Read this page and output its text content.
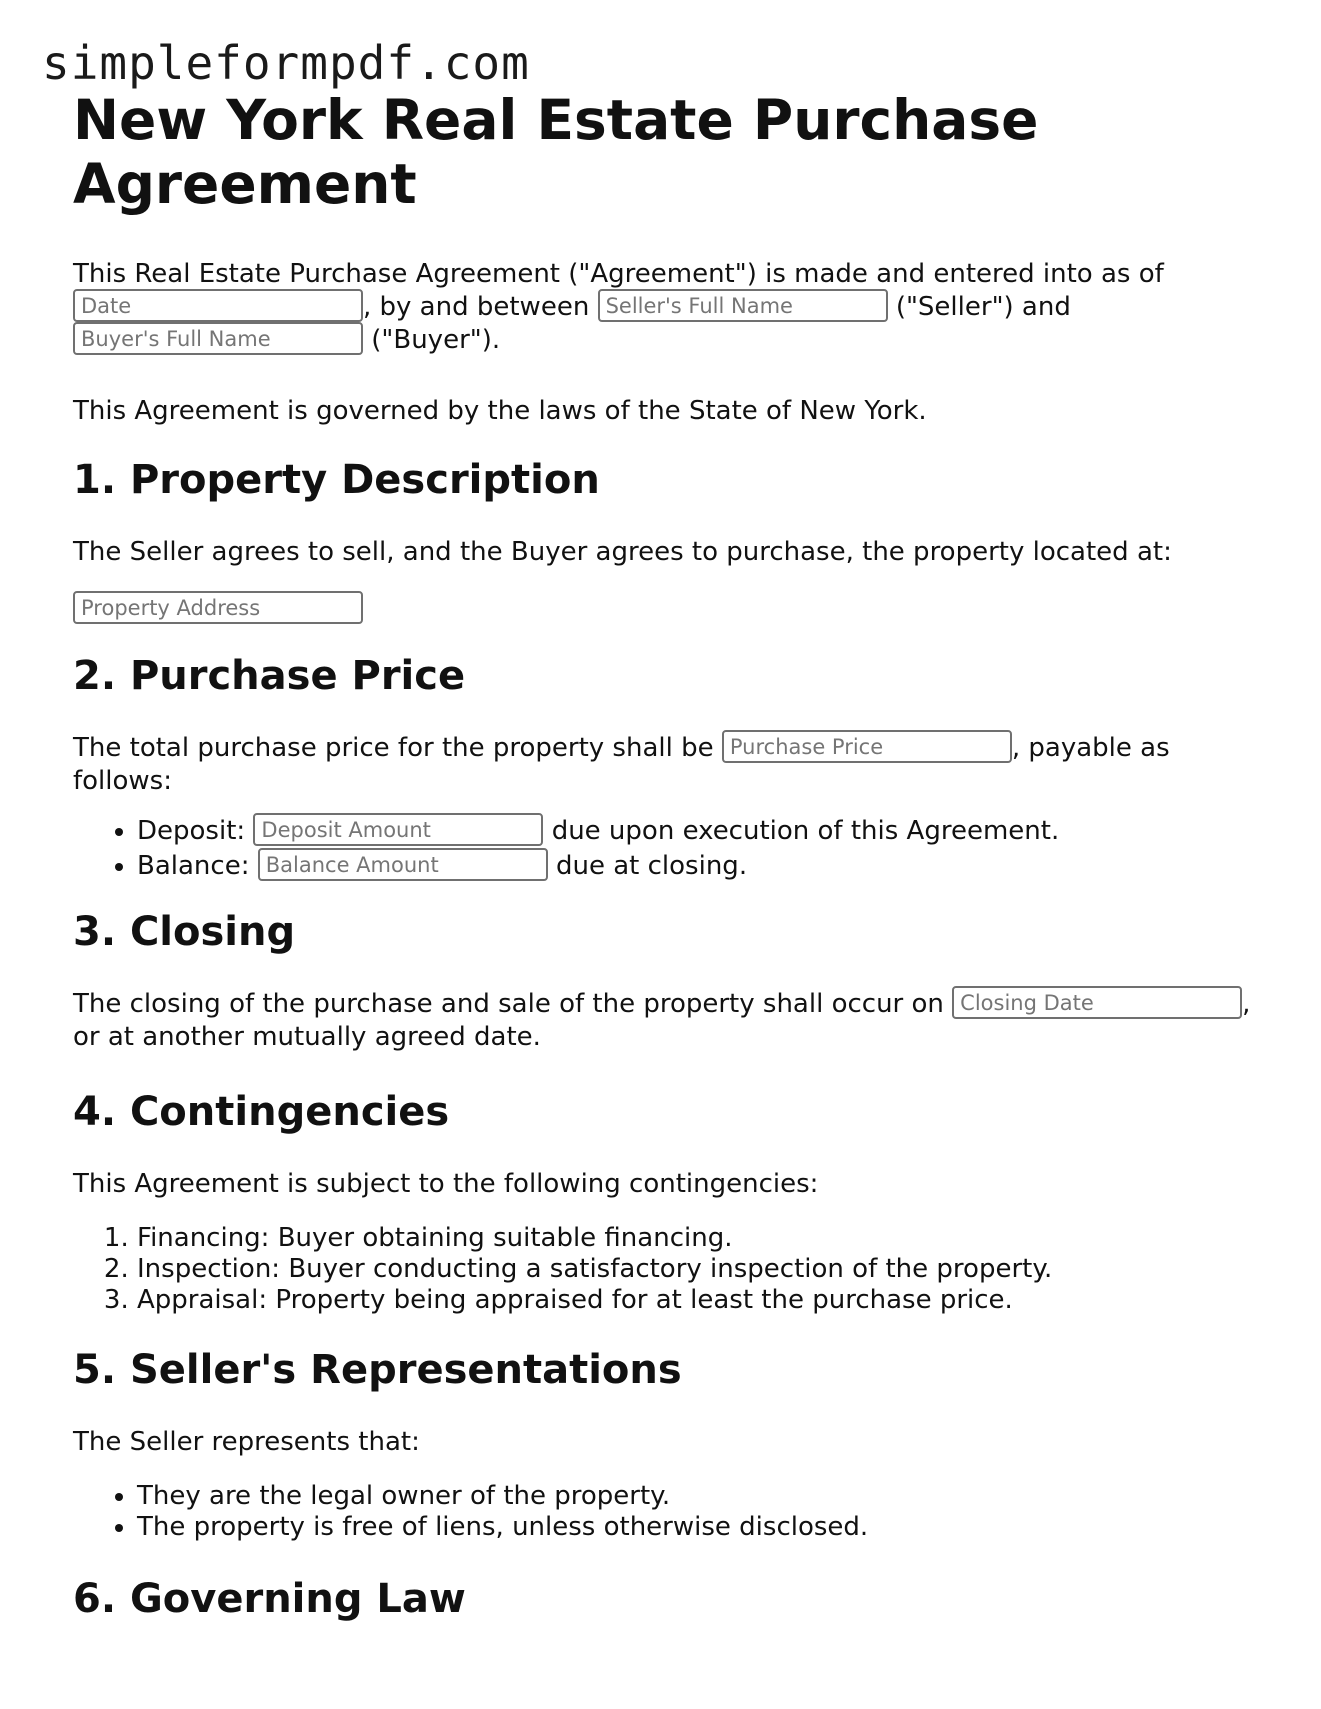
simpleformpdf.com
New York Real Estate Purchase Agreement

This Real Estate Purchase Agreement ("Agreement") is made and entered into as of
Date, by and between Seller's Full Name	("Seller") and
Buyer's Full Name ("Buyer").

This Agreement is governed by the laws of the State of New York.

1. Property Description

The Seller agrees to sell, and the Buyer agrees to purchase, the property located at:

Property Address
2. Purchase Price

The total purchase price for the property shall be Purchase Price	, payable as follows:

• Deposit: Deposit Amount	due upon execution of this Agreement.
• Balance: Balance Amount	due at closing.
3. Closing

The closing of the purchase and sale of the property shall occur on Closing Date	, or at another mutually agreed date.

4. Contingencies

This Agreement is subject to the following contingencies:

1. Financing: Buyer obtaining suitable financing.
2. Inspection: Buyer conducting a satisfactory inspection of the property.
3. Appraisal: Property being appraised for at least the purchase price.
5. Seller's Representations

The Seller represents that:

• They are the legal owner of the property.
• The property is free of liens, unless otherwise disclosed.
6. Governing Law
